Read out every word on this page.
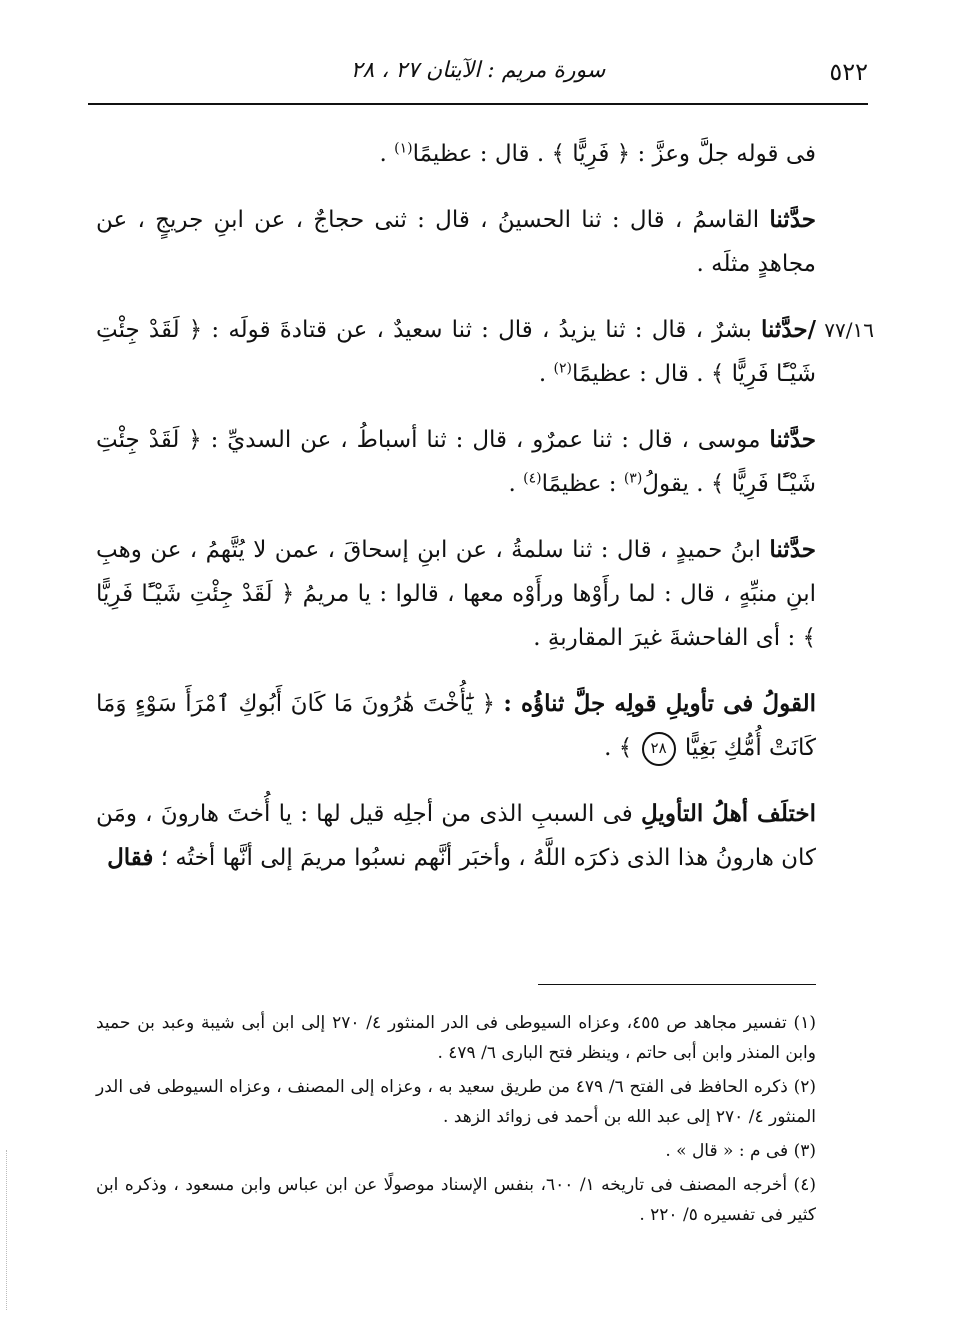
٥٢٢
سورة مريم : الآيتان ٢٧ ، ٢٨

فى قوله جلَّ وعزَّ : ﴿ فَرِيًّا ﴾ . قال : عظيمًا$^{(١)}$ .

حدَّثنا القاسمُ ، قال : ثنا الحسينُ ، قال : ثنى حجاجٌ ، عن ابنِ جريجٍ ، عن مجاهدٍ مثلَه .

٧٧/١٦
/حدَّثنا بشرٌ ، قال : ثنا يزيدُ ، قال : ثنا سعيدٌ ، عن قتادةَ قولَه : ﴿ لَقَدْ جِئْتِ شَيْـًٔا فَرِيًّا ﴾ . قال : عظيمًا$^{(٢)}$ .

حدَّثنا موسى ، قال : ثنا عمرٌو ، قال : ثنا أسباطُ ، عن السديِّ : ﴿ لَقَدْ جِئْتِ شَيْـًٔا فَرِيًّا ﴾ . يقولُ$^{(٣)}$ : عظيمًا$^{(٤)}$ .

حدَّثنا ابنُ حميدٍ ، قال : ثنا سلمةُ ، عن ابنِ إسحاقَ ، عمن لا يُتَّهمُ ، عن وهبِ ابنِ منبِّهٍ ، قال : لما رأَوْها ورأَوْه معها ، قالوا : يا مريمُ ﴿ لَقَدْ جِئْتِ شَيْـًٔا فَرِيًّا ﴾ : أى الفاحشةَ غيرَ المقاربةِ .

القولُ فى تأويلِ قولِه جلَّ ثناؤُه : ﴿ يَٰٓأُخْتَ هَٰرُونَ مَا كَانَ أَبُوكِ ٱمْرَأَ سَوْءٍ وَمَا كَانَتْ أُمُّكِ بَغِيًّا ٢٨ ﴾ .

اختلَف أهلُ التأويلِ فى السببِ الذى من أجلِه قيل لها : يا أُختَ هارونَ ، ومَن كان هارونُ هذا الذى ذكرَه اللَّهُ ، وأخبَر أنَّهم نسبُوا مريمَ إلى أنَّها أختُه ؛ فقال

(١) تفسير مجاهد ص ٤٥٥، وعزاه السيوطى فى الدر المنثور ٤/ ٢٧٠ إلى ابن أبى شيبة وعبد بن حميد وابن المنذر وابن أبى حاتم ، وينظر فتح البارى ٦/ ٤٧٩ .

(٢) ذكره الحافظ فى الفتح ٦/ ٤٧٩ من طريق سعيد به ، وعزاه إلى المصنف ، وعزاه السيوطى فى الدر المنثور ٤/ ٢٧٠ إلى عبد الله بن أحمد فى زوائد الزهد .

(٣) فى م : « قال » .

(٤) أخرجه المصنف فى تاريخه ١/ ٦٠٠، بنفس الإسناد موصولًا عن ابن عباس وابن مسعود ، وذكره ابن كثير فى تفسيره ٥/ ٢٢٠ .
